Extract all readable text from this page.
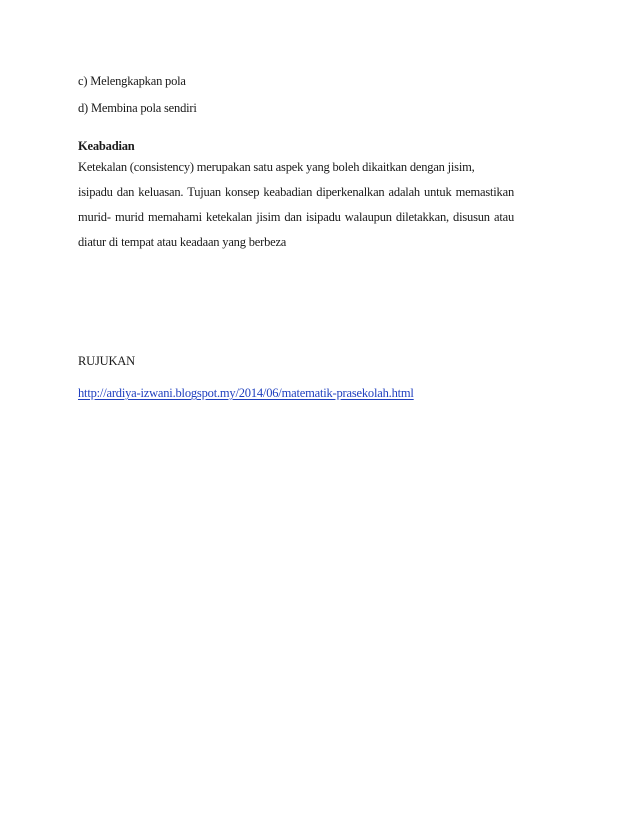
c) Melengkapkan pola
d) Membina pola sendiri
Keabadian
Ketekalan (consistency) merupakan satu aspek yang boleh dikaitkan dengan jisim,
isipadu dan keluasan. Tujuan konsep keabadian diperkenalkan adalah untuk memastikan
murid- murid memahami ketekalan jisim dan isipadu walaupun diletakkan, disusun atau
diatur di tempat atau keadaan yang berbeza
RUJUKAN
http://ardiya-izwani.blogspot.my/2014/06/matematik-prasekolah.html
